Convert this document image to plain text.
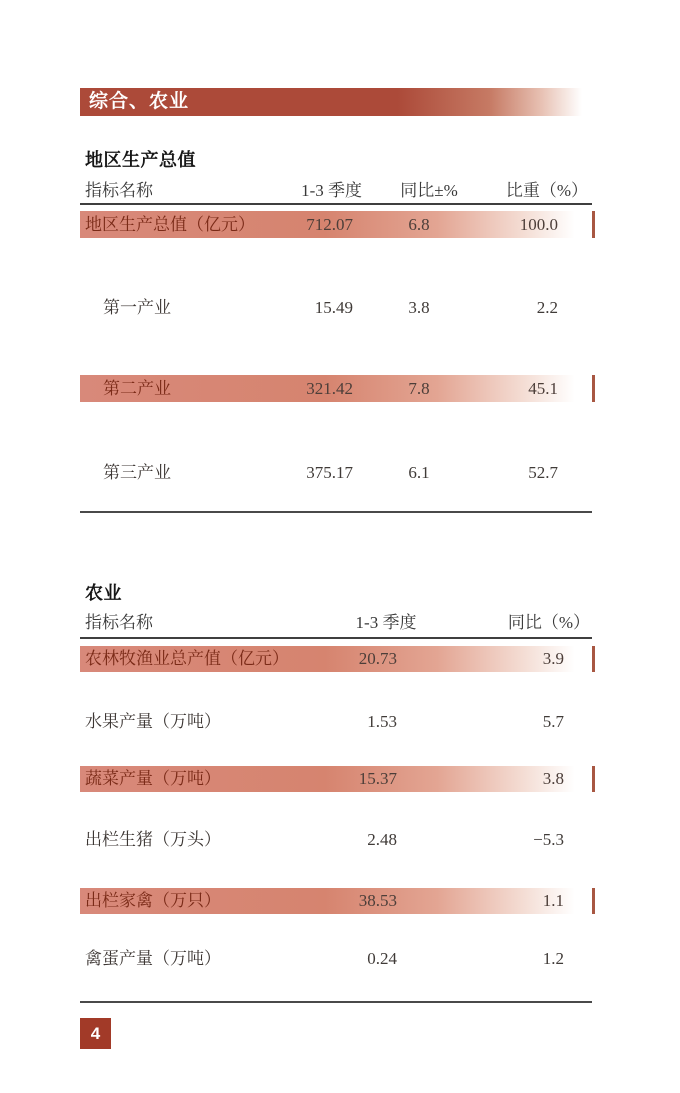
综合、农业
地区生产总值
指标名称	1-3 季度	同比±%	比重（%）
地区生产总值（亿元）	712.07	6.8	100.0
第一产业	15.49	3.8	2.2
第二产业	321.42	7.8	45.1
第三产业	375.17	6.1	52.7
农业
指标名称	1-3 季度	同比（%）
农林牧渔业总产值（亿元）	20.73	3.9
水果产量（万吨）	1.53	5.7
蔬菜产量（万吨）	15.37	3.8
出栏生猪（万头）	2.48	−5.3
出栏家禽（万只）	38.53	1.1
禽蛋产量（万吨）	0.24	1.2
4
